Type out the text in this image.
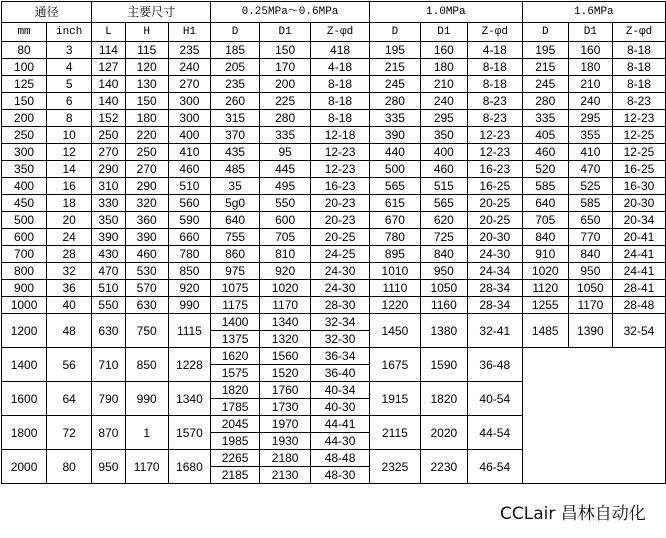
通径		主要尺寸			0.25MPa～0.6MPa			1.0MPa			1.6MPa		
mm	inch	L	H	H1	D	D1	Z-φd	D	D1	Z-φd	D	D1	Z-φd
80	3	114	115	235	185	150	418	195	160	4-18	195	160	8-18
100	4	127	120	240	205	170	4-18	215	180	8-18	215	180	8-18
125	5	140	130	270	235	200	8-18	245	210	8-18	245	210	8-18
150	6	140	150	300	260	225	8-18	280	240	8-23	280	240	8-23
200	8	152	180	300	315	280	8-18	335	295	8-23	335	295	12-23
250	10	250	220	400	370	335	12-18	390	350	12-23	405	355	12-25
300	12	270	250	410	435	95	12-23	440	400	12-23	460	410	12-25
350	14	290	270	460	485	445	12-23	500	460	16-23	520	470	16-25
400	16	310	290	510	35	495	16-23	565	515	16-25	585	525	16-30
450	18	330	320	560	5g0	550	20-23	615	565	20-25	640	585	20-30
500	20	350	360	590	640	600	20-23	670	620	20-25	705	650	20-34
600	24	390	390	660	755	705	20-25	780	725	20-30	840	770	20-41
700	28	430	460	780	860	810	24-25	895	840	24-30	910	840	24-41
800	32	470	530	850	975	920	24-30	1010	950	24-34	1020	950	24-41
900	36	510	570	920	1075	1020	24-30	1110	1050	28-34	1120	1050	28-41
1000	40	550	630	990	1175	1170	28-30	1220	1160	28-34	1255	1170	28-48
1200	48	630	750	1115	1400	1340	32-34	1450	1380	32-41	1485	1390	32-54
					1375	1320	32-30						
1400	56	710	850	1228	1620	1560	36-34	1675	1590	36-48			
					1575	1520	36-40						
1600	64	790	990	1340	1820	1760	40-34	1915	1820	40-54			
					1785	1730	40-30						
1800	72	870	1	1570	2045	1970	44-41	2115	2020	44-54			
					1985	1930	44-30						
2000	80	950	1170	1680	2265	2180	48-48	2325	2230	46-54			
					2185	2130	48-30						
CCLair 昌林自动化
